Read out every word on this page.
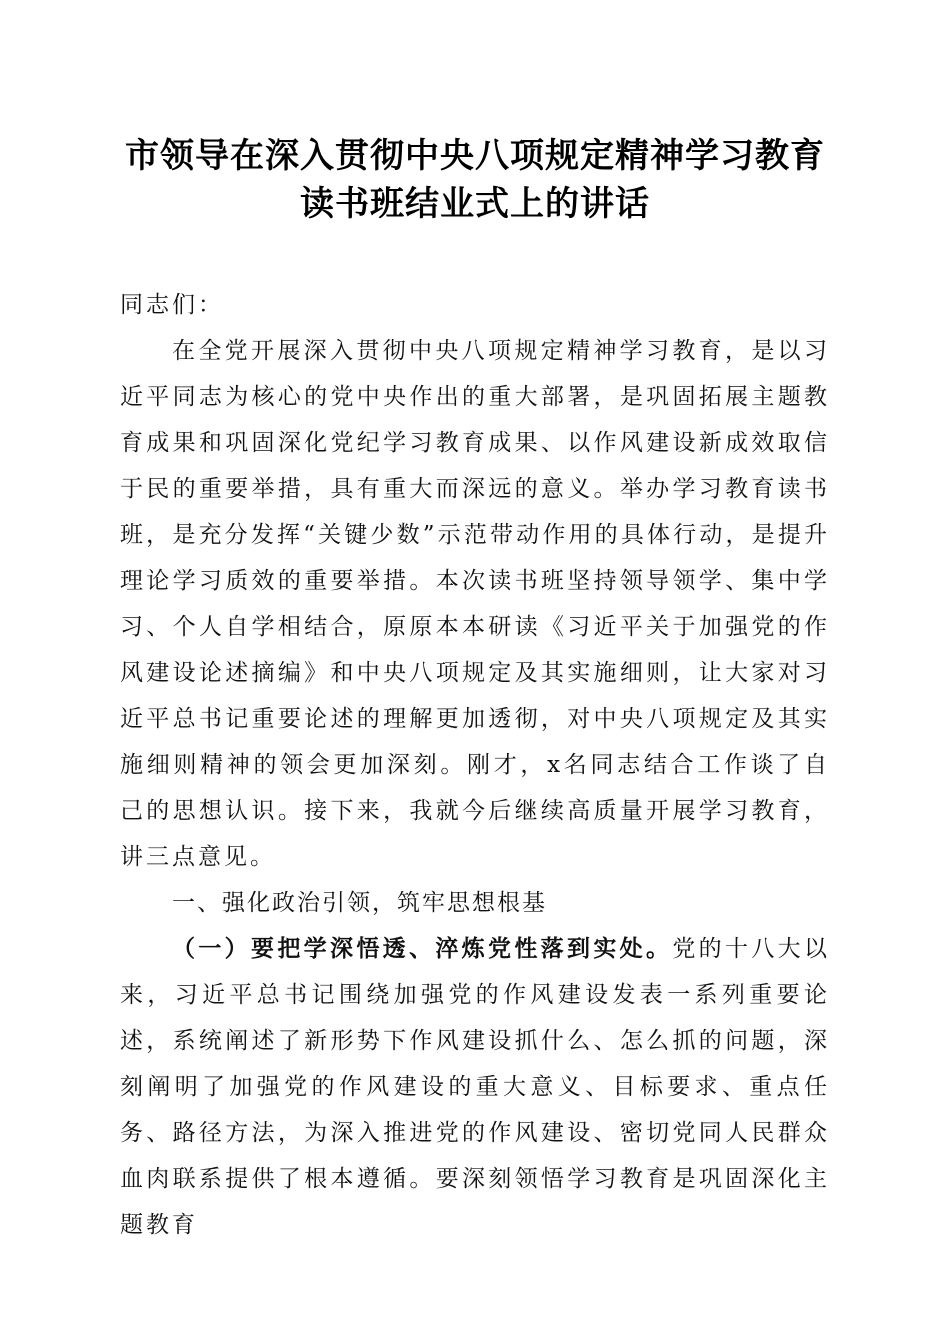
市领导在深入贯彻中央八项规定精神学习教育
读书班结业式上的讲话

同志们：

在全党开展深入贯彻中央八项规定精神学习教育，是以习近平同志为核心的党中央作出的重大部署，是巩固拓展主题教育成果和巩固深化党纪学习教育成果、以作风建设新成效取信于民的重要举措，具有重大而深远的意义。举办学习教育读书班，是充分发挥“关键少数”示范带动作用的具体行动，是提升理论学习质效的重要举措。本次读书班坚持领导领学、集中学习、个人自学相结合，原原本本研读《习近平关于加强党的作风建设论述摘编》和中央八项规定及其实施细则，让大家对习近平总书记重要论述的理解更加透彻，对中央八项规定及其实施细则精神的领会更加深刻。刚才，x名同志结合工作谈了自己的思想认识。接下来，我就今后继续高质量开展学习教育，讲三点意见。

一、强化政治引领，筑牢思想根基

（一）要把学深悟透、淬炼党性落到实处。党的十八大以来，习近平总书记围绕加强党的作风建设发表一系列重要论述，系统阐述了新形势下作风建设抓什么、怎么抓的问题，深刻阐明了加强党的作风建设的重大意义、目标要求、重点任务、路径方法，为深入推进党的作风建设、密切党同人民群众血肉联系提供了根本遵循。要深刻领悟学习教育是巩固深化主题教育
